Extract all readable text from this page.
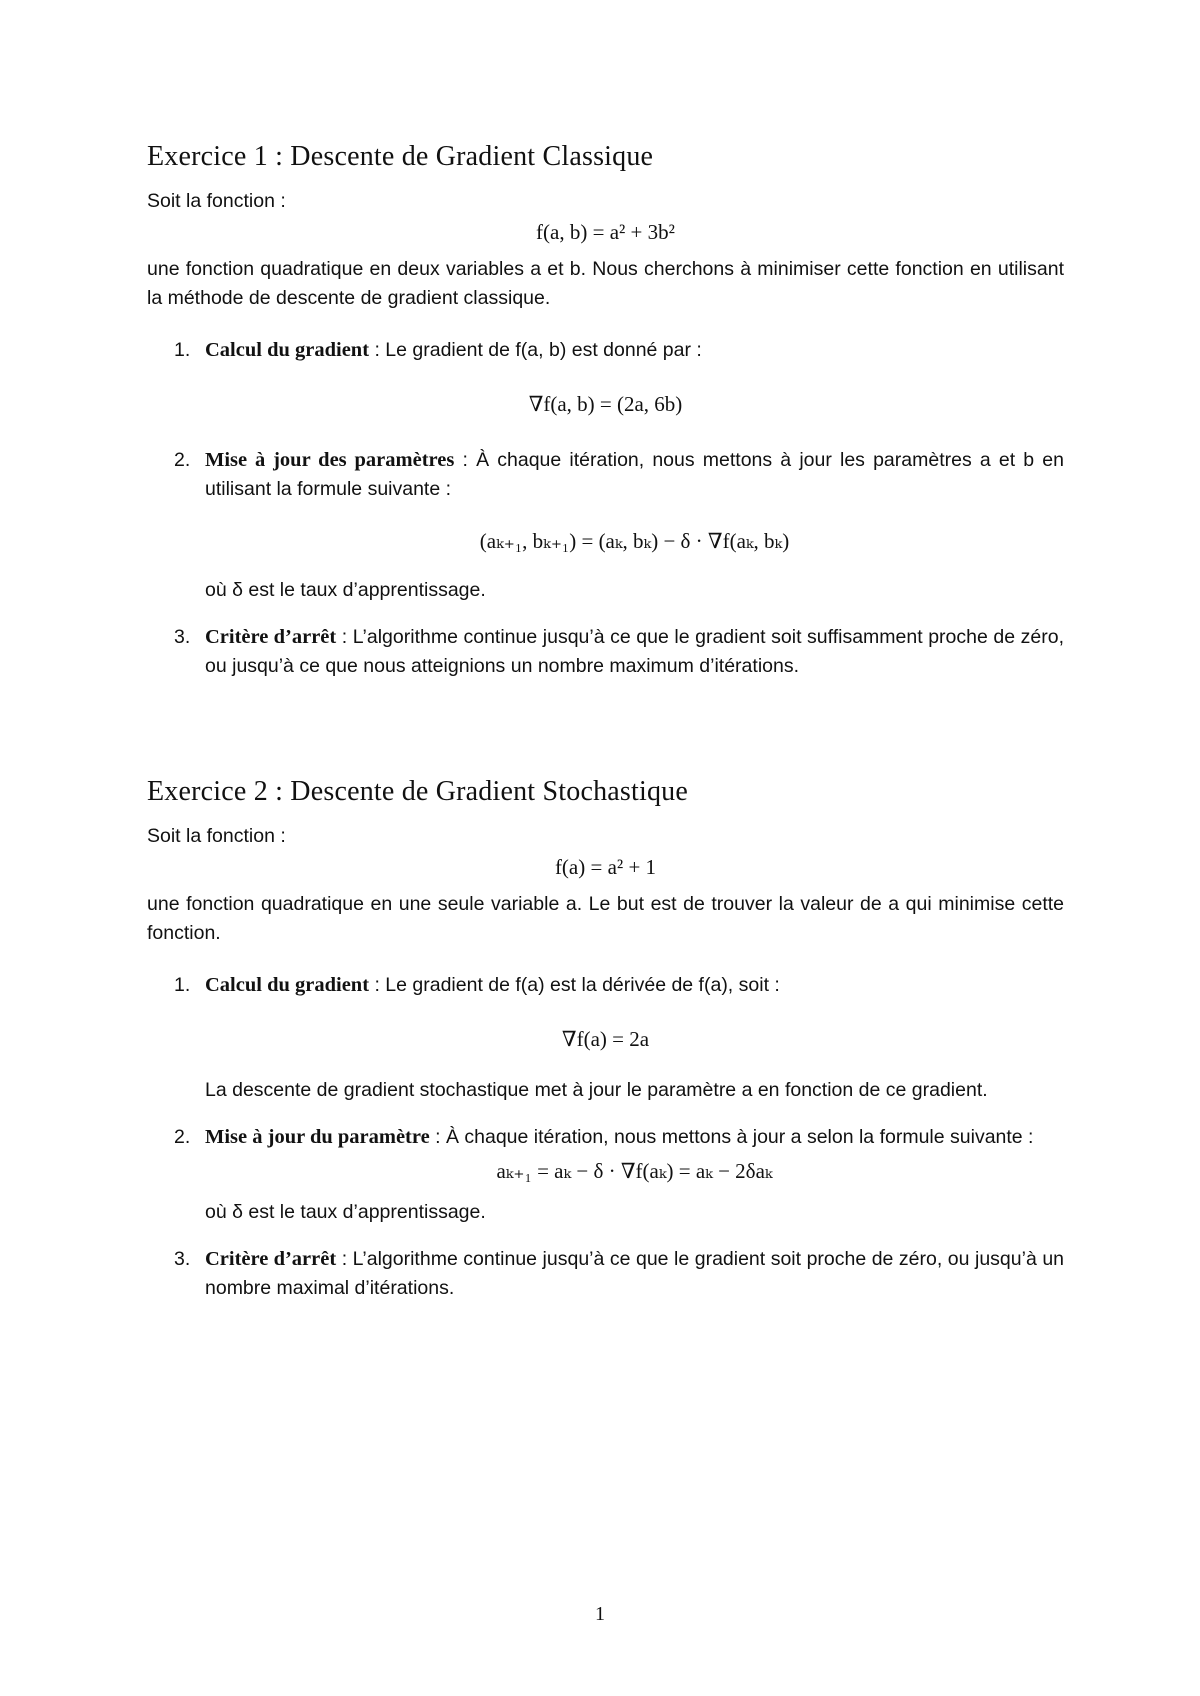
Exercice 1 : Descente de Gradient Classique

Soit la fonction :

f(a, b) = a² + 3b²

une fonction quadratique en deux variables a et b. Nous cherchons à minimiser cette fonction en utilisant la méthode de descente de gradient classique.

1. Calcul du gradient : Le gradient de f(a, b) est donné par :

∇f(a, b) = (2a, 6b)
2. Mise à jour des paramètres : À chaque itération, nous mettons à jour les paramètres a et b en utilisant la formule suivante :

(aₖ₊₁, bₖ₊₁) = (aₖ, bₖ) − δ · ∇f(aₖ, bₖ)

où δ est le taux d’apprentissage.

3. Critère d’arrêt : L’algorithme continue jusqu’à ce que le gradient soit suffisamment proche de zéro, ou jusqu’à ce que nous atteignions un nombre maximum d’itérations.

Exercice 2 : Descente de Gradient Stochastique

Soit la fonction :

f(a) = a² + 1

une fonction quadratique en une seule variable a. Le but est de trouver la valeur de a qui minimise cette fonction.

1. Calcul du gradient : Le gradient de f(a) est la dérivée de f(a), soit :

∇f(a) = 2a

La descente de gradient stochastique met à jour le paramètre a en fonction de ce gradient.

2. Mise à jour du paramètre : À chaque itération, nous mettons à jour a selon la formule suivante :

aₖ₊₁ = aₖ − δ · ∇f(aₖ) = aₖ − 2δaₖ

où δ est le taux d’apprentissage.

3. Critère d’arrêt : L’algorithme continue jusqu’à ce que le gradient soit proche de zéro, ou jusqu’à un nombre maximal d’itérations.

1
